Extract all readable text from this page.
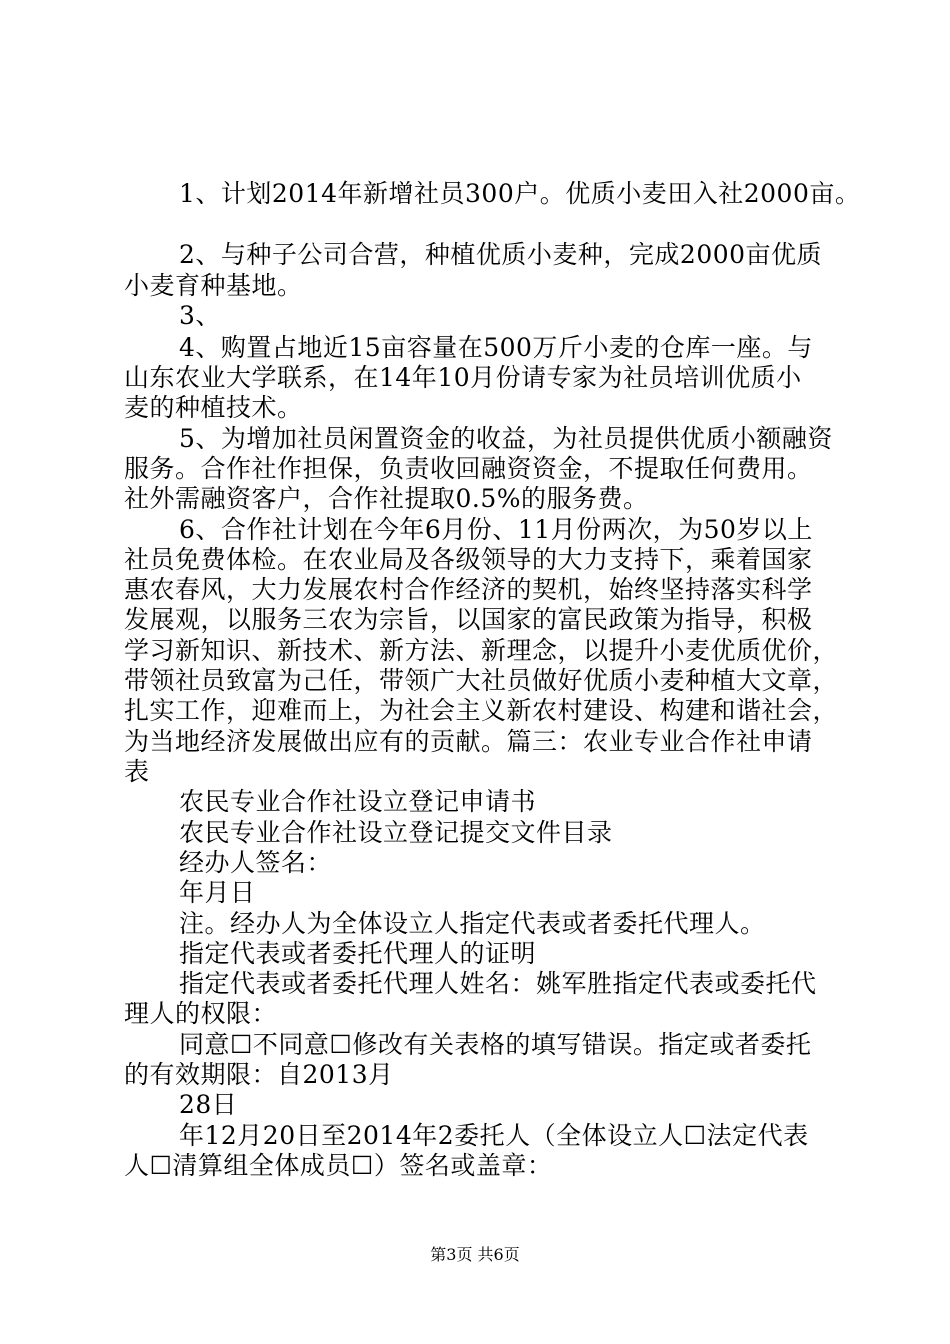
1、计划2014年新增社员300户。优质小麦田入社2000亩。
2、与种子公司合营，种植优质小麦种，完成2000亩优质
小麦育种基地。
3、
4、购置占地近15亩容量在500万斤小麦的仓库一座。与
山东农业大学联系，在14年10月份请专家为社员培训优质小
麦的种植技术。
5、为增加社员闲置资金的收益，为社员提供优质小额融资
服务。合作社作担保，负责收回融资资金，不提取任何费用。
社外需融资客户，合作社提取0.5%的服务费。
6、合作社计划在今年6月份、11月份两次，为50岁以上
社员免费体检。在农业局及各级领导的大力支持下，乘着国家
惠农春风，大力发展农村合作经济的契机，始终坚持落实科学
发展观，以服务三农为宗旨，以国家的富民政策为指导，积极
学习新知识、新技术、新方法、新理念，以提升小麦优质优价，
带领社员致富为己任，带领广大社员做好优质小麦种植大文章，
扎实工作，迎难而上，为社会主义新农村建设、构建和谐社会，
为当地经济发展做出应有的贡献。篇三：农业专业合作社申请
表
农民专业合作社设立登记申请书
农民专业合作社设立登记提交文件目录
经办人签名：
年月日
注。经办人为全体设立人指定代表或者委托代理人。
指定代表或者委托代理人的证明
指定代表或者委托代理人姓名：姚军胜指定代表或委托代
理人的权限：
同意☐不同意☐修改有关表格的填写错误。指定或者委托
的有效期限：自2013月
28日
年12月20日至2014年2委托人（全体设立人☐法定代表
人☐清算组全体成员☐）签名或盖章：
第3页 共6页
